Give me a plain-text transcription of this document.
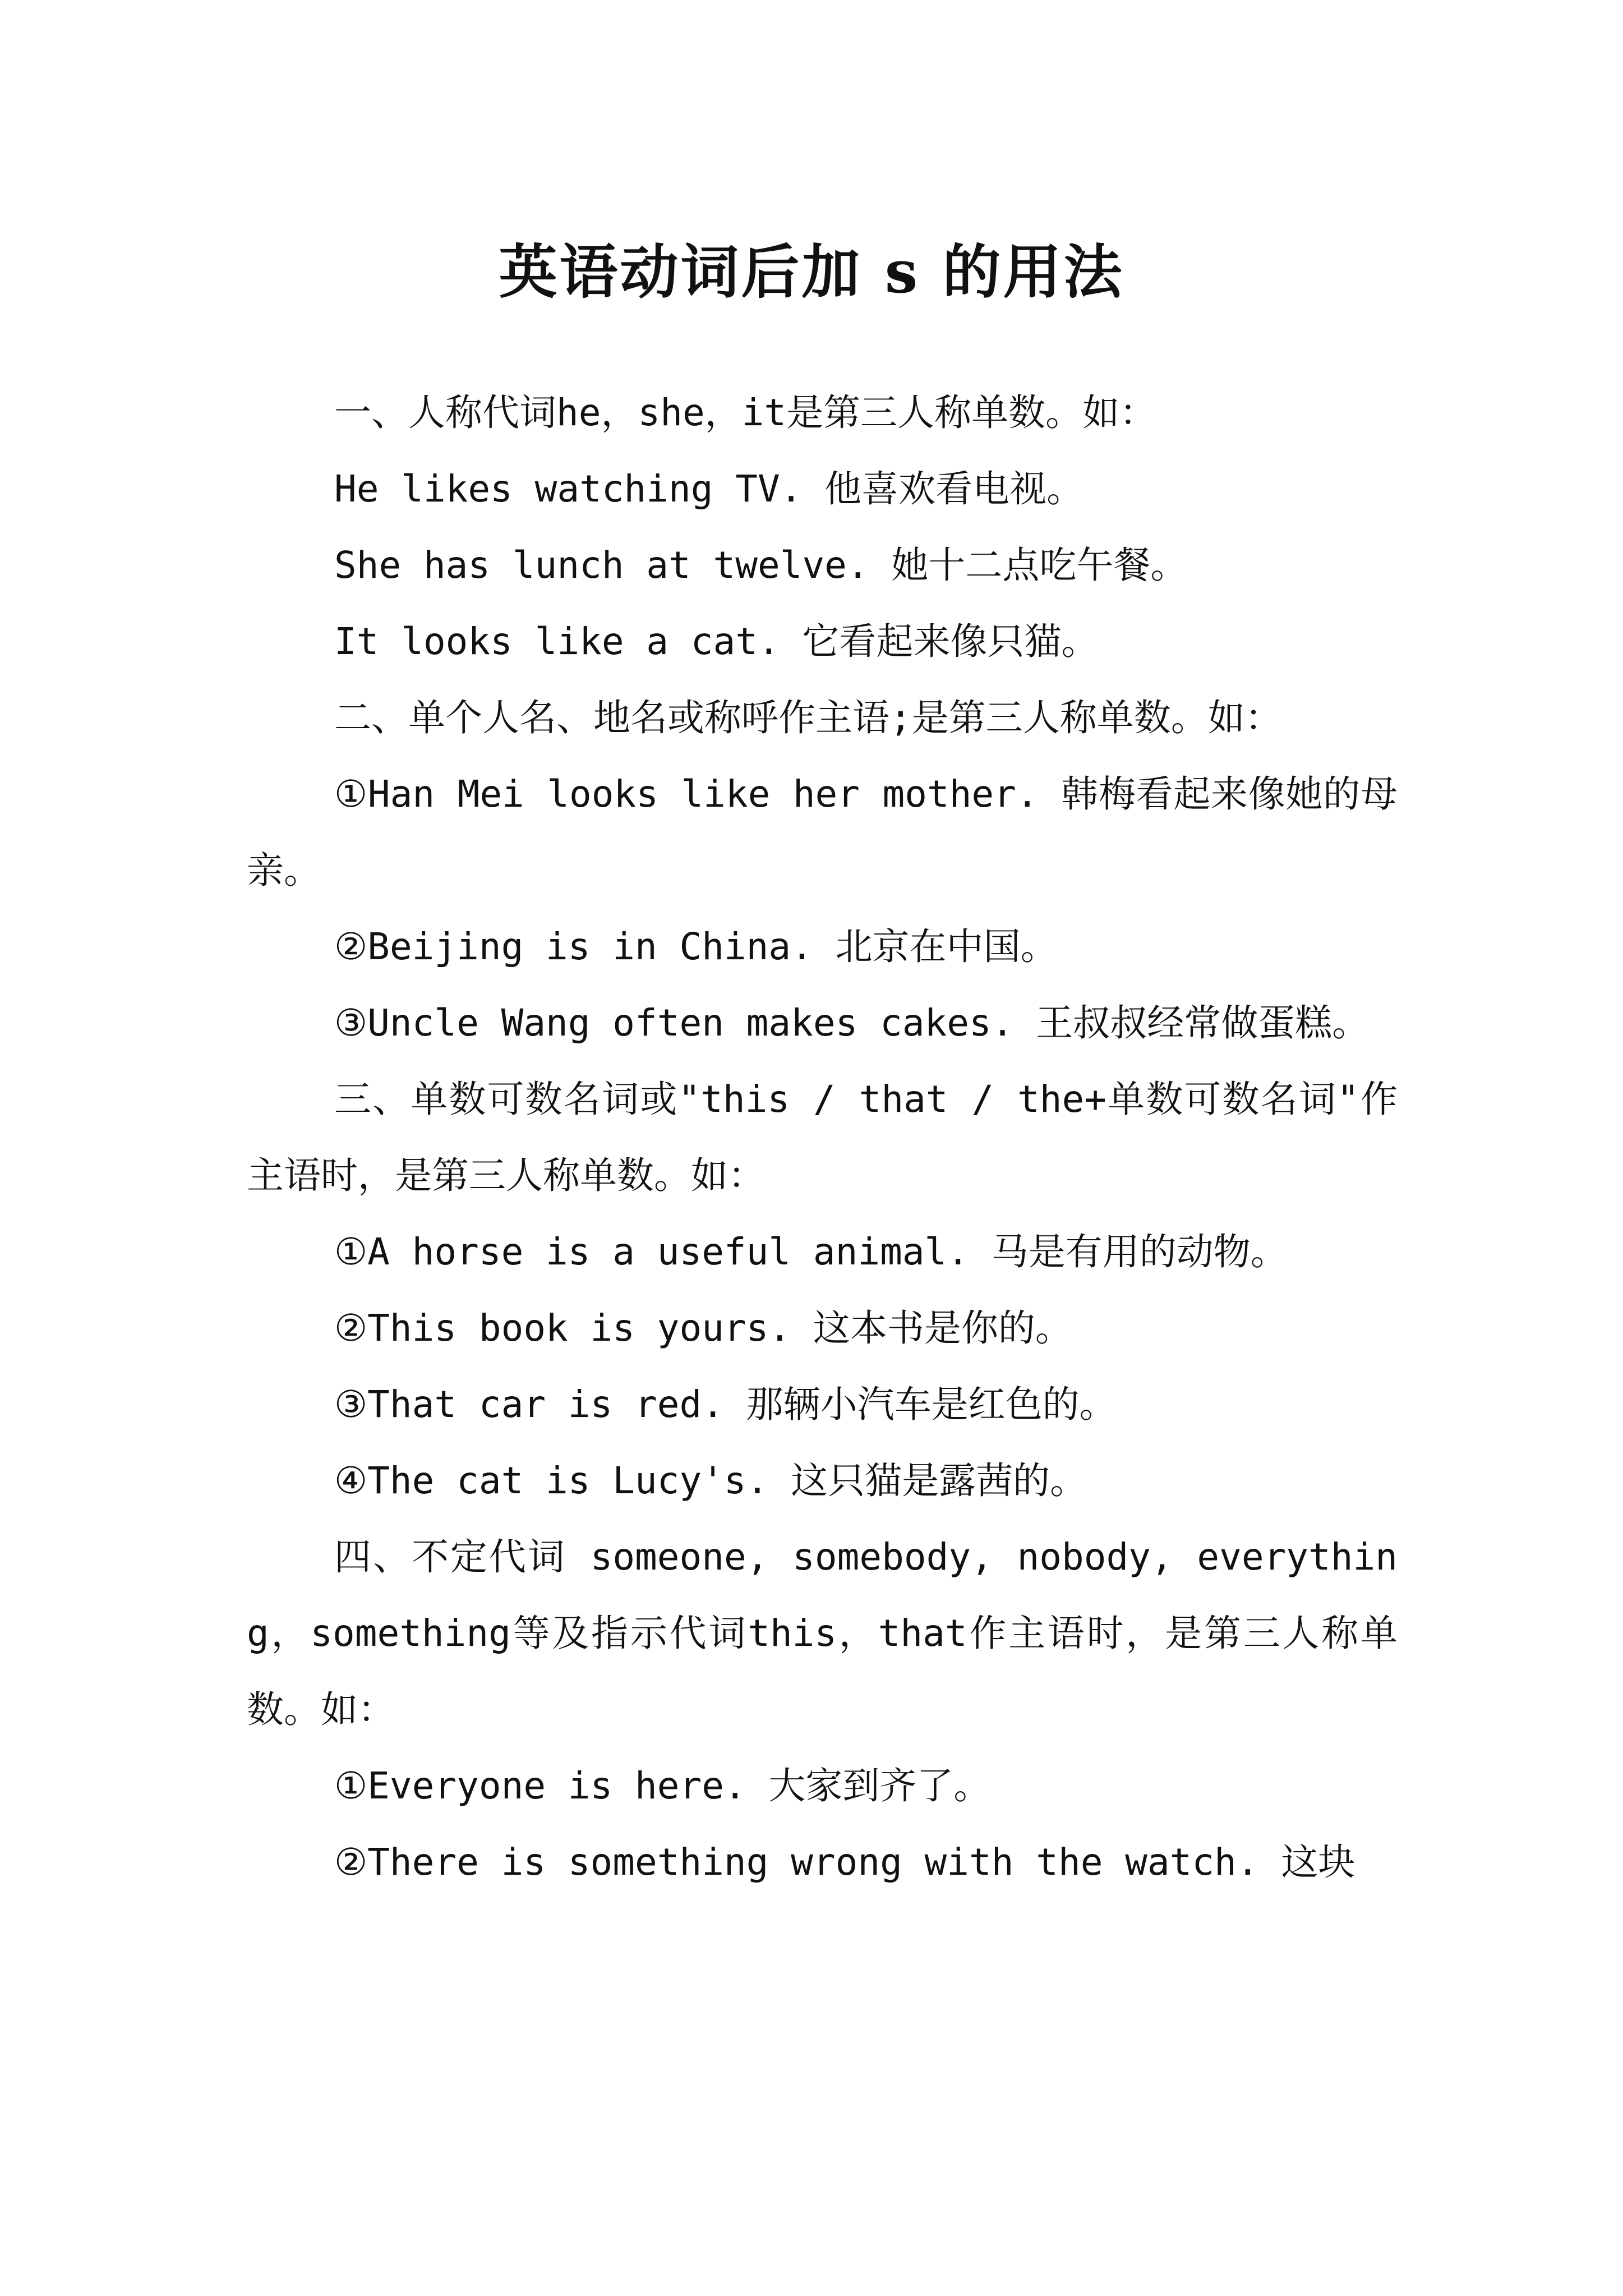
英语动词后加 s 的用法

一、人称代词he，she，it是第三人称单数。如：

He likes watching TV. 他喜欢看电视。

She has lunch at twelve. 她十二点吃午餐。

It looks like a cat. 它看起来像只猫。

二、单个人名、地名或称呼作主语;是第三人称单数。如：

①Han Mei looks like her mother. 韩梅看起来像她的母亲。

②Beijing is in China. 北京在中国。

③Uncle Wang often makes cakes. 王叔叔经常做蛋糕。

三、单数可数名词或"this / that / the+单数可数名词"作主语时，是第三人称单数。如：

①A horse is a useful animal. 马是有用的动物。

②This book is yours. 这本书是你的。

③That car is red. 那辆小汽车是红色的。

④The cat is Lucy's. 这只猫是露茜的。

四、不定代词 someone, somebody, nobody, everything，something等及指示代词this，that作主语时，是第三人称单数。如：

①Everyone is here. 大家到齐了。

②There is something wrong with the watch. 这块
